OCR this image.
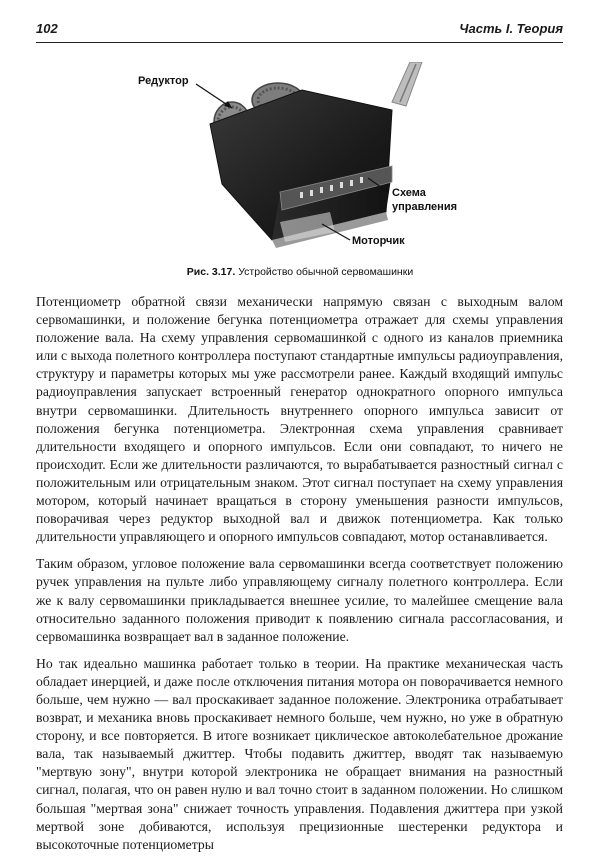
102	Часть I. Теория
Редуктор
Схема
управления
Моторчик
Рис. 3.17. Устройство обычной сервомашинки

Потенциометр обратной связи механически напрямую связан с выходным валом сервомашинки, и положение бегунка потенциометра отражает для схемы управления положение вала. На схему управления сервомашинкой с одного из каналов приемника или с выхода полетного контроллера поступают стандартные импульсы радиоуправления, структуру и параметры которых мы уже рассмотрели ранее. Каждый входящий импульс радиоуправления запускает встроенный генератор однократного опорного импульса внутри сервомашинки. Длительность внутреннего опорного импульса зависит от положения бегунка потенциометра. Электронная схема управления сравнивает длительности входящего и опорного импульсов. Если они совпадают, то ничего не происходит. Если же длительности различаются, то вырабатывается разностный сигнал с положительным или отрицательным знаком. Этот сигнал поступает на схему управления мотором, который начинает вращаться в сторону уменьшения разности импульсов, поворачивая через редуктор выходной вал и движок потенциометра. Как только длительности управляющего и опорного импульсов совпадают, мотор останавливается.

Таким образом, угловое положение вала сервомашинки всегда соответствует положению ручек управления на пульте либо управляющему сигналу полетного контроллера. Если же к валу сервомашинки прикладывается внешнее усилие, то малейшее смещение вала относительно заданного положения приводит к появлению сигнала рассогласования, и сервомашинка возвращает вал в заданное положение.

Но так идеально машинка работает только в теории. На практике механическая часть обладает инерцией, и даже после отключения питания мотора он поворачивается немного больше, чем нужно — вал проскакивает заданное положение. Электроника отрабатывает возврат, и механика вновь проскакивает немного больше, чем нужно, но уже в обратную сторону, и все повторяется. В итоге возникает циклическое автоколебательное дрожание вала, так называемый джиттер. Чтобы подавить джиттер, вводят так называемую "мертвую зону", внутри которой электроника не обращает внимания на разностный сигнал, полагая, что он равен нулю и вал точно стоит в заданном положении. Но слишком большая "мертвая зона" снижает точность управления. Подавления джиттера при узкой мертвой зоне добиваются, используя прецизионные шестеренки редуктора и высокоточные потенциометры
